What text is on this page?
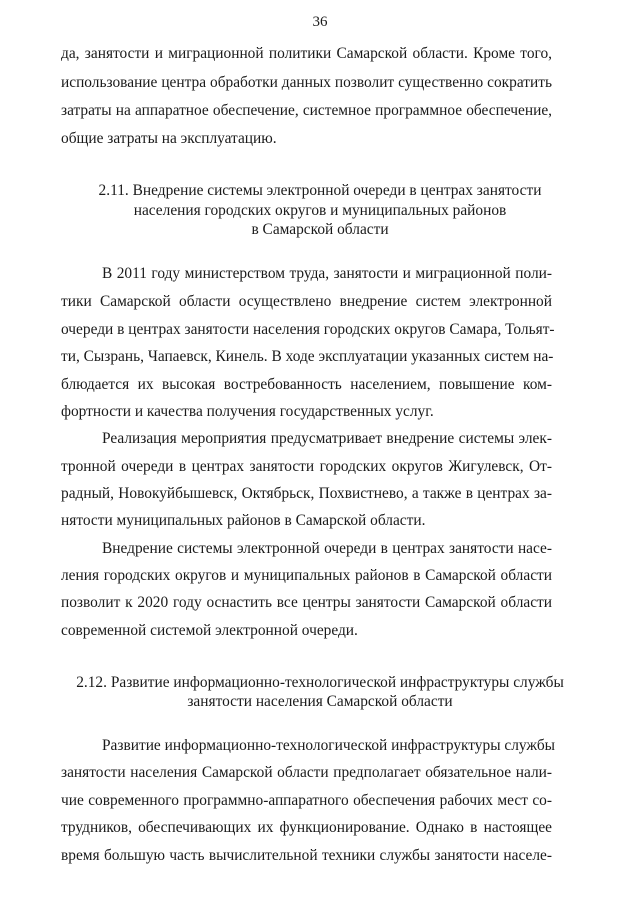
36
да, занятости и миграционной политики Самарской области. Кроме того,
использование центра обработки данных позволит существенно сократить
затраты на аппаратное обеспечение, системное программное обеспечение,
общие затраты на эксплуатацию.
2.11. Внедрение системы электронной очереди в центрах занятости
населения городских округов и муниципальных районов
в Самарской области
В 2011 году министерством труда, занятости и миграционной поли-
тики Самарской области осуществлено внедрение систем электронной
очереди в центрах занятости населения городских округов Самара, Тольят-
ти, Сызрань, Чапаевск, Кинель. В ходе эксплуатации указанных систем на-
блюдается их высокая востребованность населением, повышение ком-
фортности и качества получения государственных услуг.
Реализация мероприятия предусматривает внедрение системы элек-
тронной очереди в центрах занятости городских округов Жигулевск, От-
радный, Новокуйбышевск, Октябрьск, Похвистнево, а также в центрах за-
нятости муниципальных районов в Самарской области.
Внедрение системы электронной очереди в центрах занятости насе-
ления городских округов и муниципальных районов в Самарской области
позволит к 2020 году оснастить все центры занятости Самарской области
современной системой электронной очереди.
2.12. Развитие информационно-технологической инфраструктуры службы
занятости населения Самарской области
Развитие информационно-технологической инфраструктуры службы
занятости населения Самарской области предполагает обязательное нали-
чие современного программно-аппаратного обеспечения рабочих мест со-
трудников, обеспечивающих их функционирование. Однако в настоящее
время большую часть вычислительной техники службы занятости населе-
